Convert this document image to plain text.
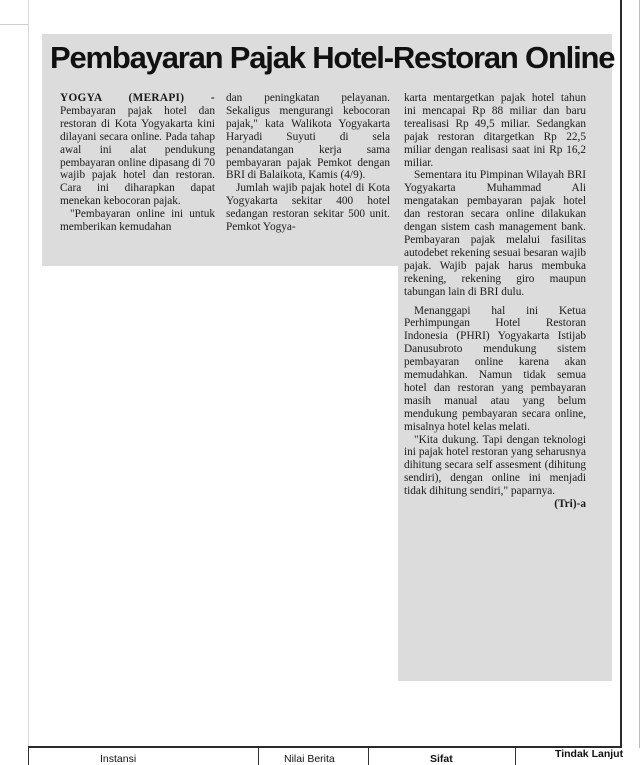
Pembayaran Pajak Hotel-Restoran Online

YOGYA (MERAPI) - Pembayaran pajak hotel dan restoran di Kota Yogyakarta kini dilayani secara online. Pada tahap awal ini alat pendukung pembayaran online dipasang di 70 wajib pajak hotel dan restoran. Cara ini diharapkan dapat menekan kebocoran pajak.

"Pembayaran online ini untuk memberikan kemudahan

dan peningkatan pelayanan. Sekaligus mengurangi kebocoran pajak," kata Walikota Yogyakarta Haryadi Suyuti di sela penandatangan kerja sama pembayaran pajak Pemkot dengan BRI di Balaikota, Kamis (4/9).

Jumlah wajib pajak hotel di Kota Yogyakarta sekitar 400 hotel sedangan restoran sekitar 500 unit. Pemkot Yogya-

karta mentargetkan pajak hotel tahun ini mencapai Rp 88 miliar dan baru terealisasi Rp 49,5 miliar. Sedangkan pajak restoran ditargetkan Rp 22,5 miliar dengan realisasi saat ini Rp 16,2 miliar.

Sementara itu Pimpinan Wilayah BRI Yogyakarta Muhammad Ali mengatakan pembayaran pajak hotel dan restoran secara online dilakukan dengan sistem cash management bank. Pembayaran pajak melalui fasilitas autodebet rekening sesuai besaran wajib pajak. Wajib pajak harus membuka rekening, rekening giro maupun tabungan lain di BRI dulu.

Menanggapi hal ini Ketua Perhimpungan Hotel Restoran Indonesia (PHRI) Yogyakarta Istijab Danusubroto mendukung sistem pembayaran online karena akan memudahkan. Namun tidak semua hotel dan restoran yang pembayaran masih manual atau yang belum mendukung pembayaran secara online, misalnya hotel kelas melati.

"Kita dukung. Tapi dengan teknologi ini pajak hotel restoran yang seharusnya dihitung secara self assesment (dihitung sendiri), dengan online ini menjadi tidak dihitung sendiri," paparnya.

(Tri)-a

Instansi	Nilai Berita	Sifat	Tindak Lanjut
